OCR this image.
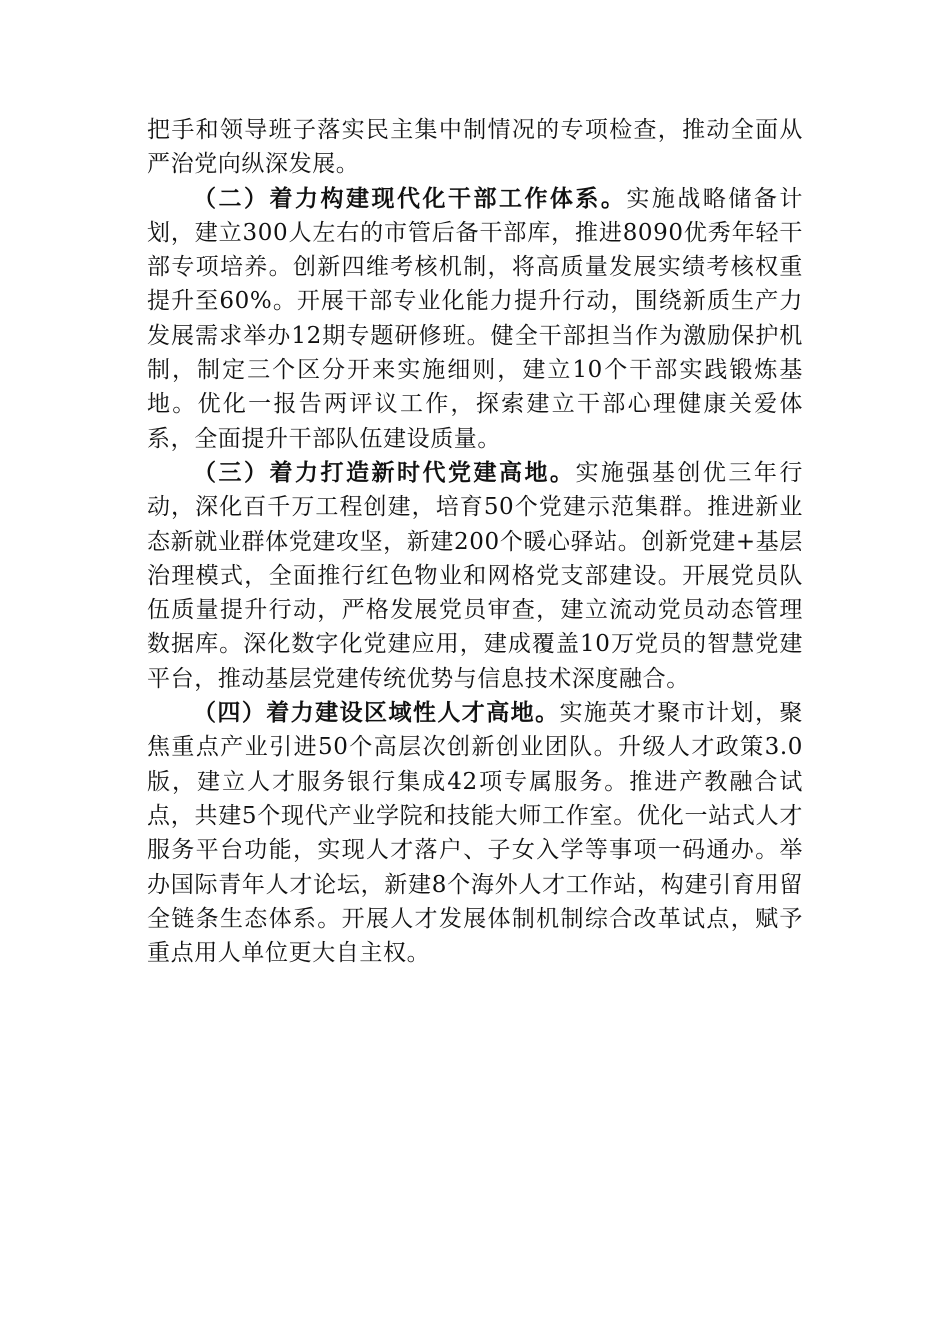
把手和领导班子落实民主集中制情况的专项检查，推动全面从严治党向纵深发展。

（二）着力构建现代化干部工作体系。实施战略储备计划，建立300人左右的市管后备干部库，推进8090优秀年轻干部专项培养。创新四维考核机制，将高质量发展实绩考核权重提升至60%。开展干部专业化能力提升行动，围绕新质生产力发展需求举办12期专题研修班。健全干部担当作为激励保护机制，制定三个区分开来实施细则，建立10个干部实践锻炼基地。优化一报告两评议工作，探索建立干部心理健康关爱体系，全面提升干部队伍建设质量。

（三）着力打造新时代党建高地。实施强基创优三年行动，深化百千万工程创建，培育50个党建示范集群。推进新业态新就业群体党建攻坚，新建200个暖心驿站。创新党建+基层治理模式，全面推行红色物业和网格党支部建设。开展党员队伍质量提升行动，严格发展党员审查，建立流动党员动态管理数据库。深化数字化党建应用，建成覆盖10万党员的智慧党建平台，推动基层党建传统优势与信息技术深度融合。

（四）着力建设区域性人才高地。实施英才聚市计划，聚焦重点产业引进50个高层次创新创业团队。升级人才政策3.0版，建立人才服务银行集成42项专属服务。推进产教融合试点，共建5个现代产业学院和技能大师工作室。优化一站式人才服务平台功能，实现人才落户、子女入学等事项一码通办。举办国际青年人才论坛，新建8个海外人才工作站，构建引育用留全链条生态体系。开展人才发展体制机制综合改革试点，赋予重点用人单位更大自主权。
